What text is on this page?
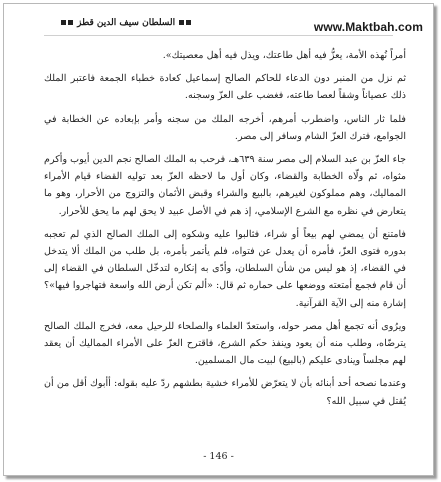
www.Maktbah.com
السلطان سيف الدين قطز

أمراً نُهذه الأمة، يعزُّ فيه أهل طاعتك، ويذل فيه أهل معصيتك».

ثم نزل من المنبر دون الدعاء للحاكم الصالح إسماعيل كعادة خطباء الجمعة فاعتبر الملك ذلك عصياناً وشقاً لعصا طاعته، فغضب على العزّ وسجنه.

فلما ثار الناس، واضطرب أمرهم، أخرجه الملك من سجنه وأمر بإبعاده عن الخطابة في الجوامع، فترك العزّ الشام وسافر إلى مصر.

جاء العزّ بن عبد السلام إلى مصر سنة ٦٣٩هـ، فرحب به الملك الصالح نجم الدين أيوب وأكرم مثواه، ثم ولّاه الخطابة والقضاء، وكان أول ما لاحظه العزّ بعد توليه القضاء قيام الأمراء المماليك، وهم مملوكون لغيرهم، بالبيع والشراء وقبض الأثمان والتزوج من الأحرار، وهو ما يتعارض في نظره مع الشرع الإسلامي، إذ هم في الأصل عبيد لا يحق لهم ما يحق للأحرار.

فامتنع أن يمضي لهم بيعاً أو شراء، فثالبوا عليه وشكوه إلى الملك الصالح الذي لم تعجبه بدوره فتوى العزّ، فأمره أن يعدل عن فتواه، فلم يأتمر بأمره، بل طلب من الملك ألا يتدخل في القضاء، إذ هو ليس من شأن السلطان، وأدّى به إنكاره لتدخّل السلطان في القضاء إلى أن قام فجمع أمتعته ووضعها على حماره ثم قال: «ألم تكن أرض الله واسعة فتهاجروا فيها»؟ إشارة منه إلى الآية القرآنية.

ويرُوى أنه تجمع أهل مصر حوله، واستعدّ العلماء والصلحاء للرحيل معه، فخرج الملك الصالح يترضّاه، وطلب منه أن يعود وينفذ حكم الشرع، فاقترح العزّ على الأمراء المماليك أن يعقد لهم مجلساً وينادى عليكم (بالبيع) لبيت مال المسلمين.

وعندما نصحه أحد أبنائه بأن لا يتعرّض للأمراء خشية بطشهم ردّ عليه بقوله: أأبوك أقل من أن يُقتل في سبيل الله؟

- 146 -
